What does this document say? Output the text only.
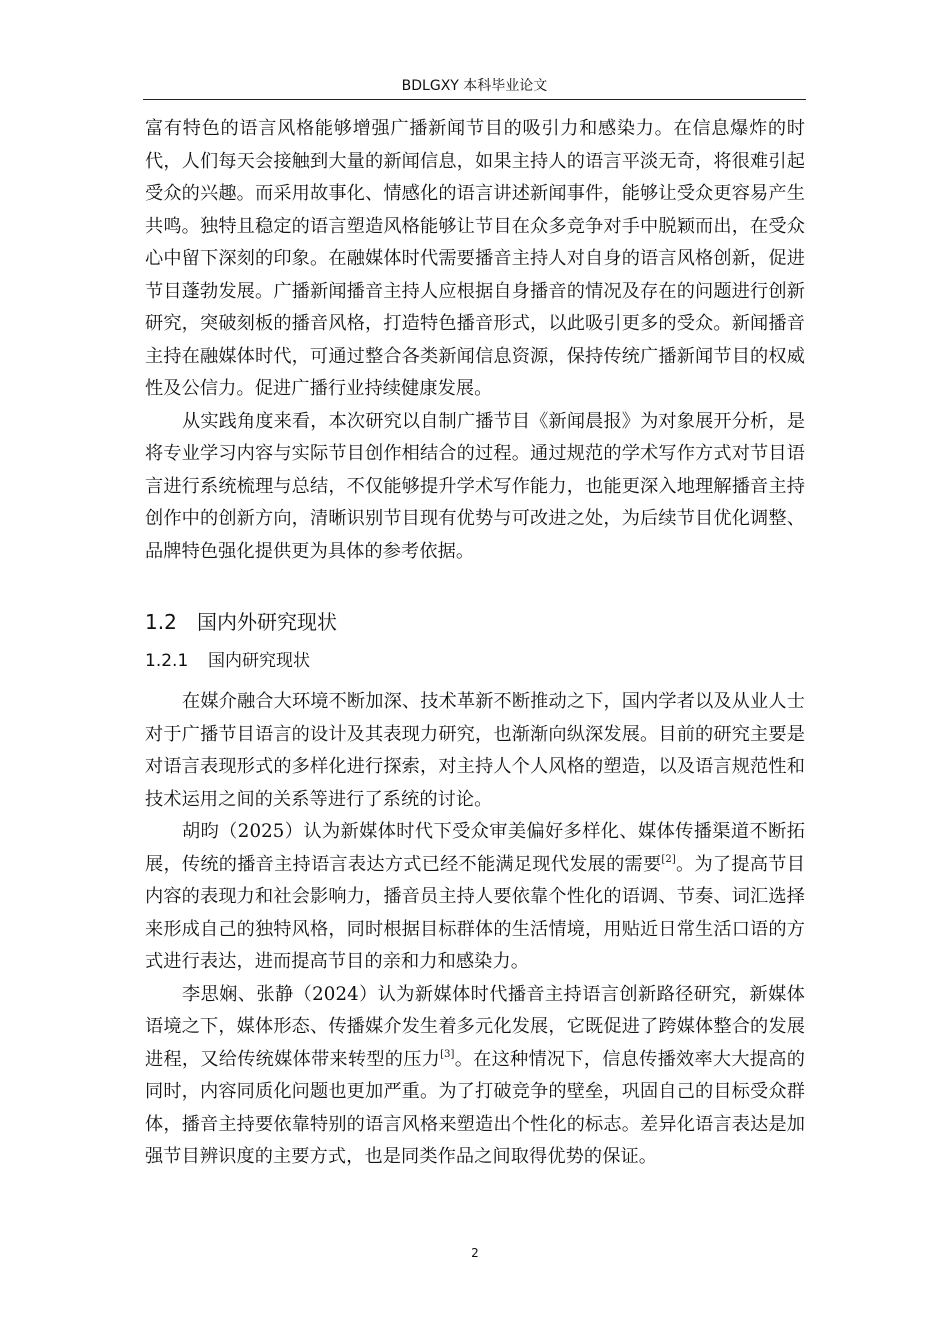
BDLGXY 本科毕业论文

富有特色的语言风格能够增强广播新闻节目的吸引力和感染力。在信息爆炸的时代，人们每天会接触到大量的新闻信息，如果主持人的语言平淡无奇，将很难引起受众的兴趣。而采用故事化、情感化的语言讲述新闻事件，能够让受众更容易产生共鸣。独特且稳定的语言塑造风格能够让节目在众多竞争对手中脱颖而出，在受众心中留下深刻的印象。在融媒体时代需要播音主持人对自身的语言风格创新，促进节目蓬勃发展。广播新闻播音主持人应根据自身播音的情况及存在的问题进行创新研究，突破刻板的播音风格，打造特色播音形式，以此吸引更多的受众。新闻播音主持在融媒体时代，可通过整合各类新闻信息资源，保持传统广播新闻节目的权威性及公信力。促进广播行业持续健康发展。

从实践角度来看，本次研究以自制广播节目《新闻晨报》为对象展开分析，是将专业学习内容与实际节目创作相结合的过程。通过规范的学术写作方式对节目语言进行系统梳理与总结，不仅能够提升学术写作能力，也能更深入地理解播音主持创作中的创新方向，清晰识别节目现有优势与可改进之处，为后续节目优化调整、品牌特色强化提供更为具体的参考依据。

1.2	国内外研究现状
1.2.1	国内研究现状

在媒介融合大环境不断加深、技术革新不断推动之下，国内学者以及从业人士对于广播节目语言的设计及其表现力研究，也渐渐向纵深发展。目前的研究主要是对语言表现形式的多样化进行探索，对主持人个人风格的塑造，以及语言规范性和技术运用之间的关系等进行了系统的讨论。

胡昀（2025）认为新媒体时代下受众审美偏好多样化、媒体传播渠道不断拓展，传统的播音主持语言表达方式已经不能满足现代发展的需要[2]。为了提高节目内容的表现力和社会影响力，播音员主持人要依靠个性化的语调、节奏、词汇选择来形成自己的独特风格，同时根据目标群体的生活情境，用贴近日常生活口语的方式进行表达，进而提高节目的亲和力和感染力。

李思娴、张静（2024）认为新媒体时代播音主持语言创新路径研究，新媒体语境之下，媒体形态、传播媒介发生着多元化发展，它既促进了跨媒体整合的发展进程，又给传统媒体带来转型的压力[3]。在这种情况下，信息传播效率大大提高的同时，内容同质化问题也更加严重。为了打破竞争的壁垒，巩固自己的目标受众群体，播音主持要依靠特别的语言风格来塑造出个性化的标志。差异化语言表达是加强节目辨识度的主要方式，也是同类作品之间取得优势的保证。

2
